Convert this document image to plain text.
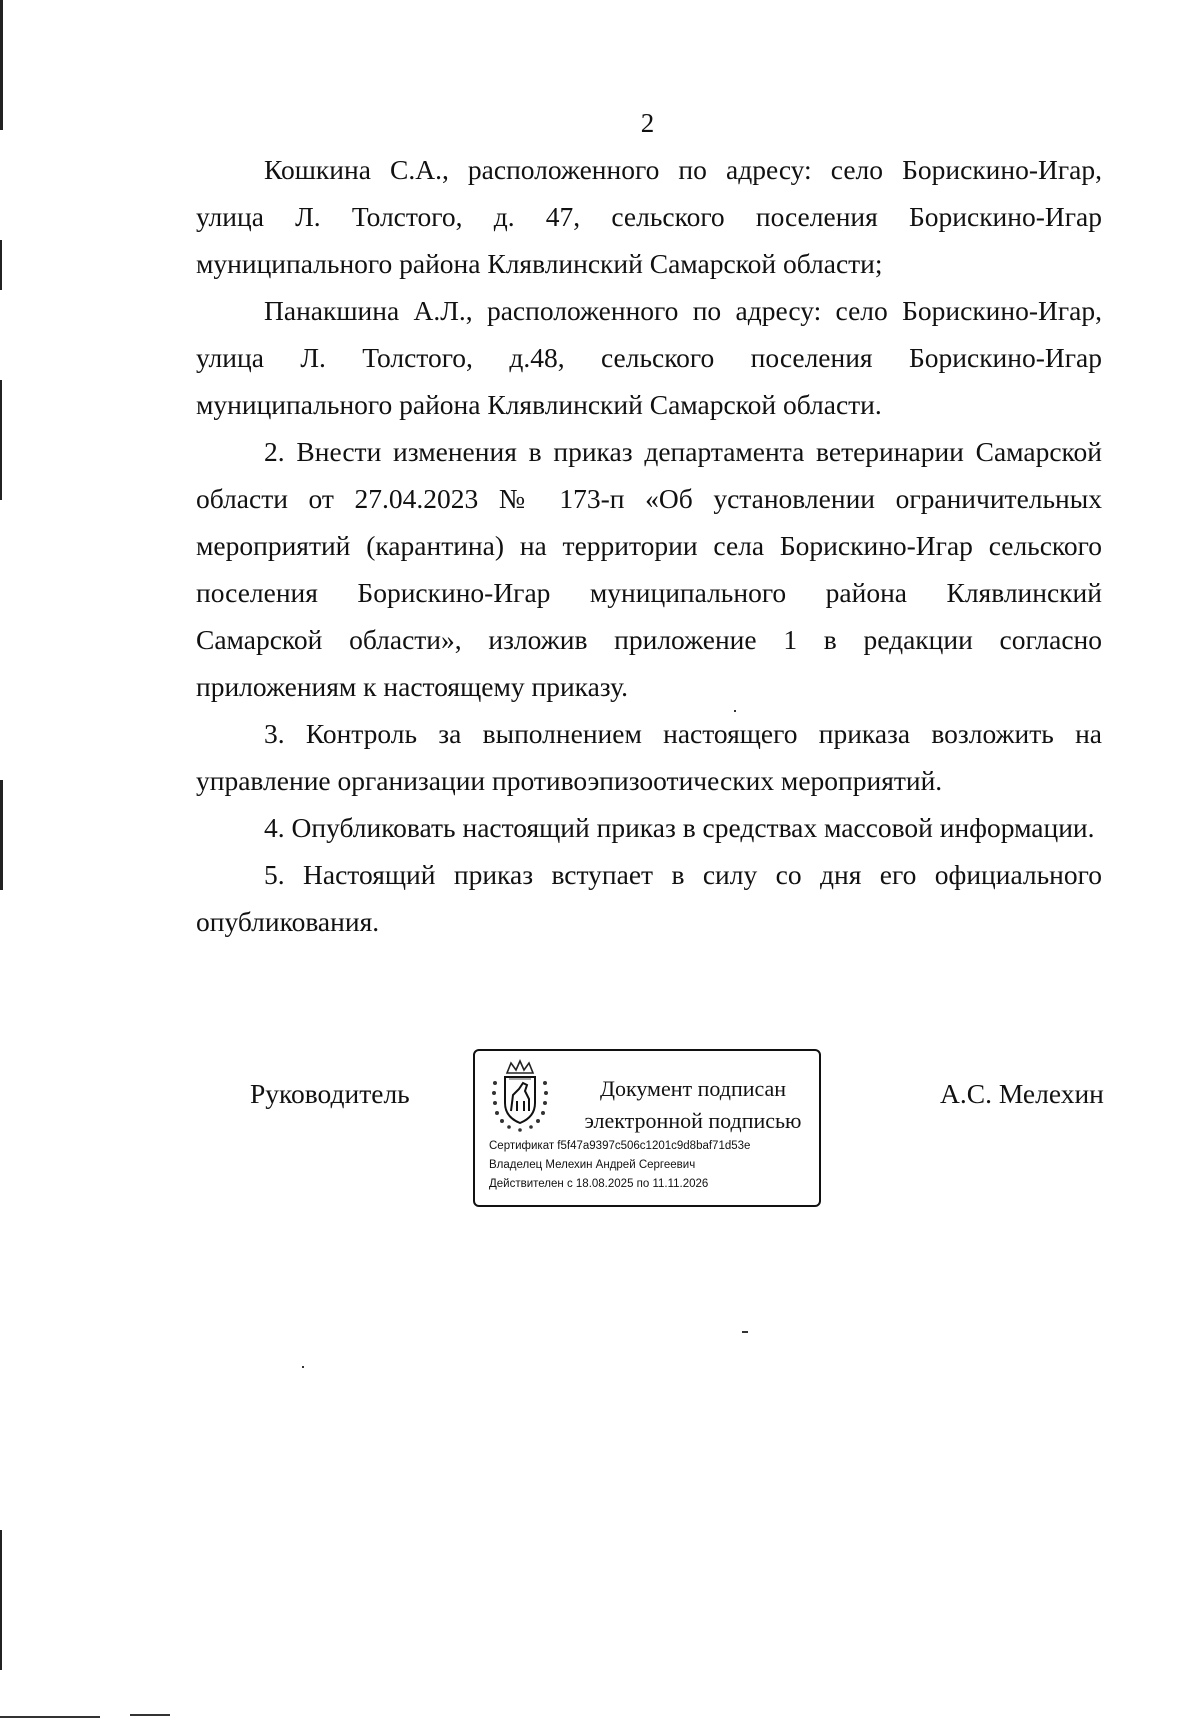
2

Кошкина С.А., расположенного по адресу: село Борискино-Игар, улица Л. Толстого, д. 47, сельского поселения Борискино-Игар муниципального района Клявлинский Самарской области;

Панакшина А.Л., расположенного по адресу: село Борискино-Игар, улица Л. Толстого, д.48, сельского поселения Борискино-Игар муниципального района Клявлинский Самарской области.

2. Внести изменения в приказ департамента ветеринарии Самарской области от 27.04.2023 № 173-п «Об установлении ограничительных мероприятий (карантина) на территории села Борискино-Игар сельского поселения Борискино-Игар муниципального района Клявлинский Самарской области», изложив приложение 1 в редакции согласно приложениям к настоящему приказу.

3. Контроль за выполнением настоящего приказа возложить на управление организации противоэпизоотических мероприятий.

4. Опубликовать настоящий приказ в средствах массовой информации.

5. Настоящий приказ вступает в силу со дня его официального опубликования.

Руководитель	Документ подписан
электронной подписью
Сертификат f5f47a9397c506c1201c9d8baf71d53e
Владелец Мелехин Андрей Сергеевич
Действителен с 18.08.2025 по 11.11.2026
А.С. Мелехин
